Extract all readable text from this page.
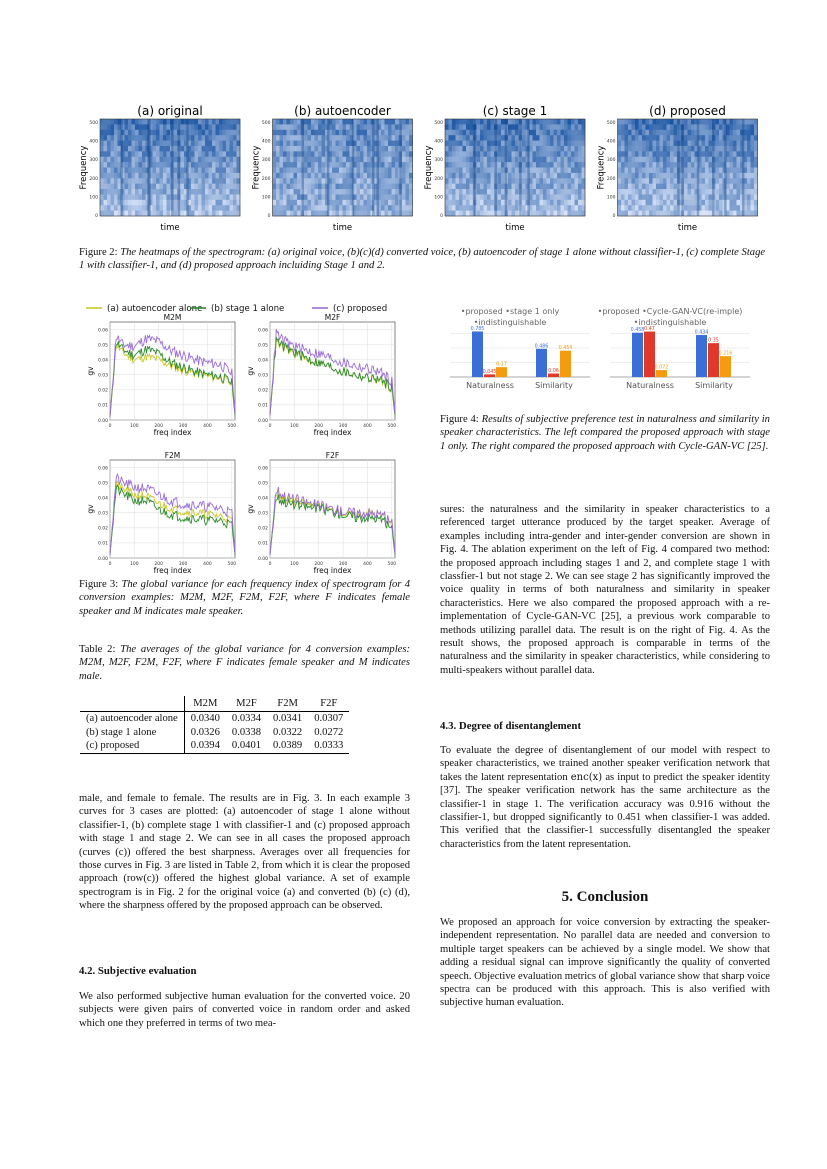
(a) original
500
400
300
200
100
0
Frequency
time
(b) autoencoder
500
400
300
200
100
0
Frequency
time
(c) stage 1
500
400
300
200
100
0
Frequency
time
(d) proposed
500
400
300
200
100
0
Frequency
time
Figure 2: The heatmaps of the spectrogram: (a) original voice, (b)(c)(d) converted voice, (b) autoencoder of stage 1 alone without classifier-1, (c) complete Stage 1 with classifier-1, and (d) proposed approach incluiding Stage 1 and 2.
(a) autoencoder alone (b) stage 1 alone	(c) proposed
M2M
0.00
0.01
0.02
0.03
0.04
0.05
0.06
0	100	200	300	400	500
freq index
gv
M2F
0.00
0.01
0.02
0.03
0.04
0.05
0.06
0	100	200	300	400	500
freq index
gv
F2M
0.00
0.01
0.02
0.03
0.04
0.05
0.06
0	100	200	300	400	500
freq index
gv
F2F
0.00
0.01
0.02
0.03
0.04
0.05
0.06
0	100	200	300	400	500
freq index
gv
Figure 3: The global variance for each frequency index of spectrogram for 4 conversion examples: M2M, M2F, F2M, F2F, where F indicates female speaker and M indicates male speaker.
Table 2: The averages of the global variance for 4 conversion examples: M2M, M2F, F2M, F2F, where F indicates female speaker and M indicates male.
	M2M	M2F	F2M	F2F
(a) autoencoder alone	0.0340	0.0334	0.0341	0.0307
(b) stage 1 alone	0.0326	0.0338	0.0322	0.0272
(c) proposed	0.0394	0.0401	0.0389	0.0333
male, and female to female. The results are in Fig. 3. In each example 3 curves for 3 cases are plotted: (a) autoencoder of stage 1 alone without classifier-1, (b) complete stage 1 with classifier-1 and (c) proposed approach with stage 1 and stage 2. We can see in all cases the proposed approach (curves (c)) offered the best sharpness. Averages over all frequencies for those curves in Fig. 3 are listed in Table 2, from which it is clear the proposed approach (row(c)) offered the highest global variance. A set of example spectrogram is in Fig. 2 for the original voice (a) and converted (b) (c) (d), where the sharpness offered by the proposed approach can be observed.
4.2. Subjective evaluation
We also performed subjective human evaluation for the converted voice. 20 subjects were given pairs of converted voice in random order and asked which one they preferred in terms of two mea-
•proposed •stage 1 only
•indistinguishable
0.785
0.045
0.17
Naturalness
0.486
0.06
0.454
Similarity
•proposed •Cycle-GAN-VC(re-imple)
•indistinguishable
0.458 0.47
0.072
Naturalness
0.434
0.35
0.216
Similarity
Figure 4: Results of subjective preference test in naturalness and similarity in speaker characteristics. The left compared the proposed approach with stage 1 only. The right compared the proposed approach with Cycle-GAN-VC [25].
sures: the naturalness and the similarity in speaker characteristics to a referenced target utterance produced by the target speaker. Average of examples including intra-gender and inter-gender conversion are shown in Fig. 4. The ablation experiment on the left of Fig. 4 compared two method: the proposed approach including stages 1 and 2, and complete stage 1 with classfier-1 but not stage 2. We can see stage 2 has significantly improved the voice quality in terms of both naturalness and similarity in speaker characteristics. Here we also compared the proposed approach with a re-implementation of Cycle-GAN-VC [25], a previous work comparable to methods utilizing parallel data. The result is on the right of Fig. 4. As the result shows, the proposed approach is comparable in terms of the naturalness and the similarity in speaker characteristics, while considering to multi-speakers without parallel data.
4.3. Degree of disentanglement
To evaluate the degree of disentanglement of our model with respect to speaker characteristics, we trained another speaker verification network that takes the latent representation enc(x) as input to predict the speaker identity [37]. The speaker verification network has the same architecture as the classifier-1 in stage 1. The verification accuracy was 0.916 without the classifier-1, but dropped significantly to 0.451 when classifier-1 was added. This verified that the classifier-1 successfully disentangled the speaker characteristics from the latent representation.
5. Conclusion
We proposed an approach for voice conversion by extracting the speaker-independent representation. No parallel data are needed and conversion to multiple target speakers can be achieved by a single model. We show that adding a residual signal can improve significantly the quality of converted speech. Objective evaluation metrics of global variance show that sharp voice spectra can be produced with this approach. This is also verified with subjective human evaluation.
